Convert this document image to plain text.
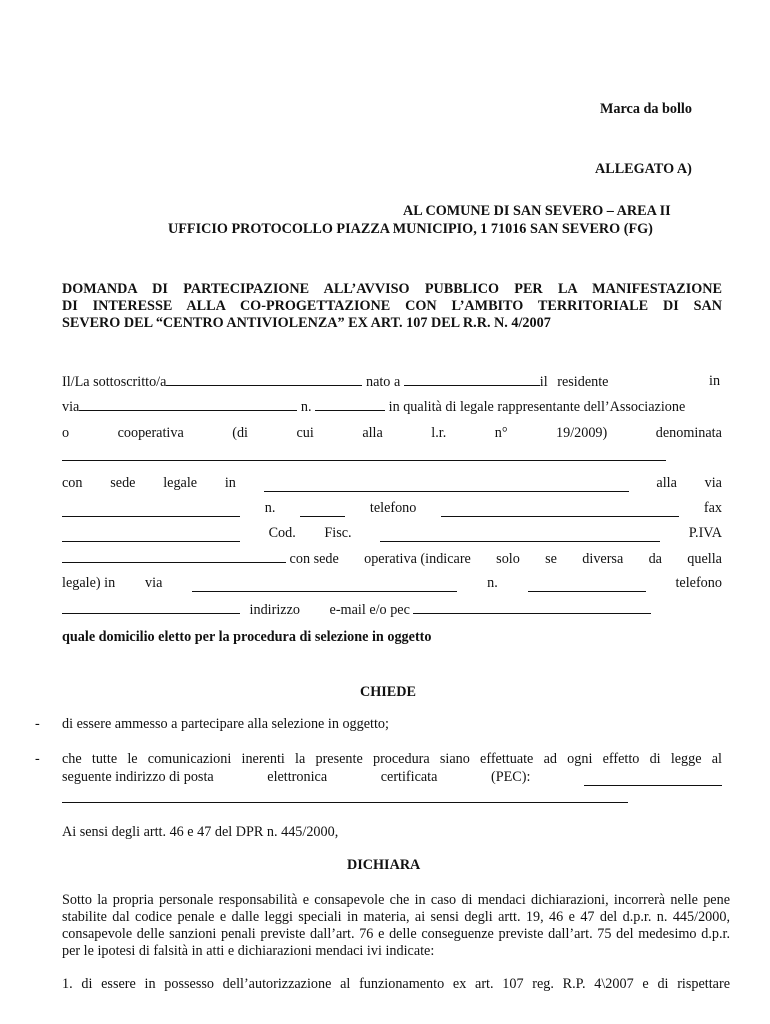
Marca da bollo
ALLEGATO A)
AL COMUNE DI SAN SEVERO – AREA II
UFFICIO PROTOCOLLO PIAZZA MUNICIPIO, 1 71016 SAN SEVERO (FG)
DOMANDA DI PARTECIPAZIONE ALL’AVVISO PUBBLICO PER LA MANIFESTAZIONE
DI INTERESSE ALLA CO-PROGETTAZIONE CON L’AMBITO TERRITORIALE DI SAN
SEVERO DEL “CENTRO ANTIVIOLENZA” EX ART. 107 DEL R.R. N. 4/2007
Il/La sottoscritto/a	nato a	il residente	in
via	n.	in qualità di legale rappresentante dell’Associazione
o	cooperativa	(di	cui	alla	l.r.	n°	19/2009)	denominata
con sede legale in	alla via
n.	telefono	fax
Cod. Fisc.	P.IVA
con sede operativa (indicare solo se diversa da quella
legale) in via	n.	telefono
indirizzo e-mail e/o pec
quale domicilio eletto per la procedura di selezione in oggetto
CHIEDE
- di essere ammesso a partecipare alla selezione in oggetto;
- che tutte le comunicazioni inerenti la presente procedura siano effettuate ad ogni effetto di legge al
seguente indirizzo di posta	elettronica	certificata	(PEC):
Ai sensi degli artt. 46 e 47 del DPR n. 445/2000,
DICHIARA
Sotto la propria personale responsabilità e consapevole che in caso di mendaci dichiarazioni, incorrerà nelle pene stabilite dal codice penale e dalle leggi speciali in materia, ai sensi degli artt. 19, 46 e 47 del d.p.r. n. 445/2000, consapevole delle sanzioni penali previste dall’art. 76 e delle conseguenze previste dall’art. 75 del medesimo d.p.r. per le ipotesi di falsità in atti e dichiarazioni mendaci ivi indicate:
1. di essere in possesso dell’autorizzazione al funzionamento ex art. 107 reg. R.P. 4\2007 e di rispettare
